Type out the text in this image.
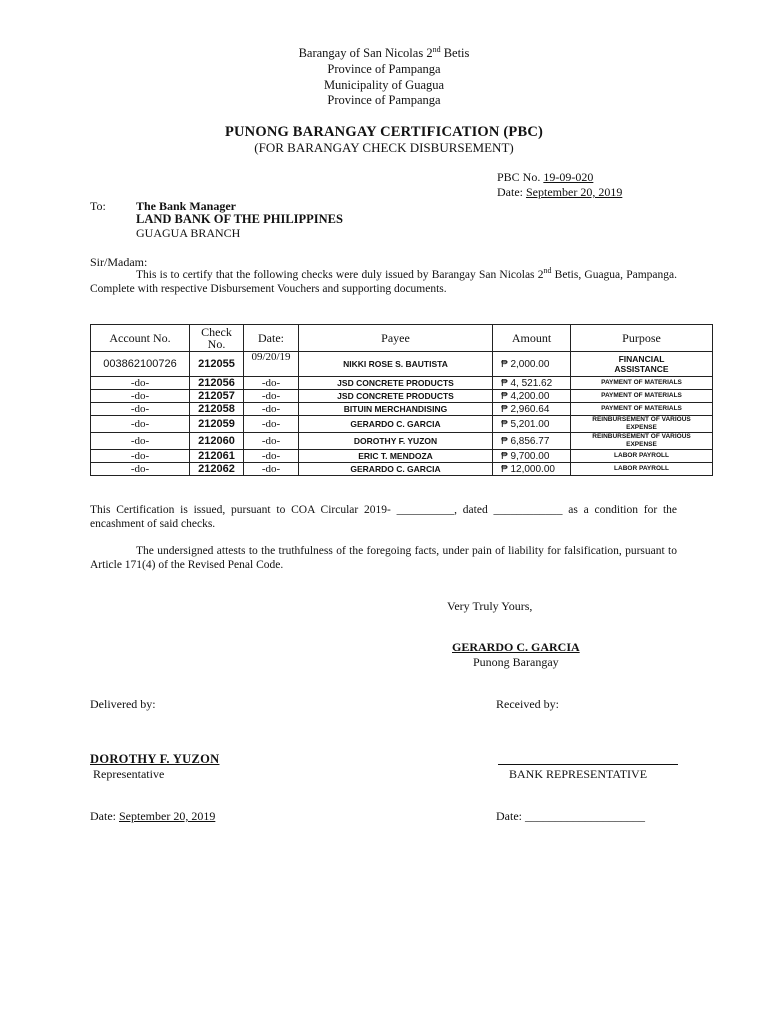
Barangay of San Nicolas 2nd Betis
Province of Pampanga
Municipality of Guagua
Province of Pampanga
PUNONG BARANGAY CERTIFICATION (PBC)
(FOR BARANGAY CHECK DISBURSEMENT)
PBC No. 19-09-020
Date: September 20, 2019
To:	The Bank Manager
LAND BANK OF THE PHILIPPINES
GUAGUA BRANCH
Sir/Madam:
This is to certify that the following checks were duly issued by Barangay San Nicolas 2nd Betis, Guagua, Pampanga. Complete with respective Disbursement Vouchers and supporting documents.
Account No.	Check No.	Date:	Payee	Amount	Purpose
003862100726	212055	09/20/19	NIKKI ROSE S. BAUTISTA	₱ 2,000.00	FINANCIAL ASSISTANCE
-do-	212056	-do-	JSD CONCRETE PRODUCTS	₱ 4, 521.62	PAYMENT OF MATERIALS
-do-	212057	-do-	JSD CONCRETE PRODUCTS	₱ 4,200.00	PAYMENT OF MATERIALS
-do-	212058	-do-	BITUIN MERCHANDISING	₱ 2,960.64	PAYMENT OF MATERIALS
-do-	212059	-do-	GERARDO C. GARCIA	₱ 5,201.00	REINBURSEMENT OF VARIOUS EXPENSE
-do-	212060	-do-	DOROTHY F. YUZON	₱ 6,856.77	REINBURSEMENT OF VARIOUS EXPENSE
-do-	212061	-do-	ERIC T. MENDOZA	₱ 9,700.00	LABOR PAYROLL
-do-	212062	-do-	GERARDO C. GARCIA	₱ 12,000.00	LABOR PAYROLL
This Certification is issued, pursuant to COA Circular 2019- __________, dated ____________ as a condition for the encashment of said checks.
The undersigned attests to the truthfulness of the foregoing facts, under pain of liability for falsification, pursuant to Article 171(4) of the Revised Penal Code.
Very Truly Yours,
GERARDO C. GARCIA
Punong Barangay
Delivered by:	Received by:
DOROTHY F. YUZON
Representative	BANK REPRESENTATIVE
Date: September 20, 2019	Date: ____________________
